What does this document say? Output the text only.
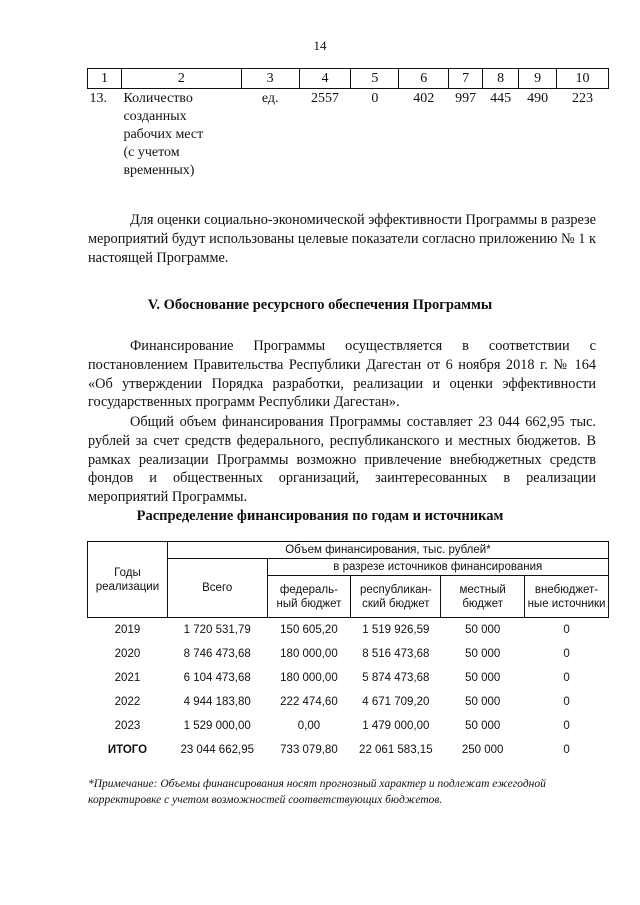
14
1	2	3	4	5	6	7	8	9	10
13.	Количество
созданных
рабочих мест
(с учетом
временных)	ед.	2557	0	402	997	445	490	223

Для оценки социально-экономической эффективности Программы в разрезе мероприятий будут использованы целевые показатели согласно приложению № 1 к настоящей Программе.

V. Обоснование ресурсного обеспечения Программы

Финансирование Программы осуществляется в соответствии с постановлением Правительства Республики Дагестан от 6 ноября 2018 г. № 164 «Об утверждении Порядка разработки, реализации и оценки эффективности государственных программ Республики Дагестан».

Общий объем финансирования Программы составляет 23 044 662,95 тыс. рублей за счет средств федерального, республиканского и местных бюджетов. В рамках реализации Программы возможно привлечение внебюджетных средств фондов и общественных организаций, заинтересованных в реализации мероприятий Программы.

Распределение финансирования по годам и источникам

Годы реализации	Объем финансирования, тыс. рублей*				
	Всего	в разрезе источников финансирования			
		федераль-ный бюджет	республикан-ский бюджет	местный бюджет	внебюджет-ные источники
2019	1 720 531,79	150 605,20	1 519 926,59	50 000	0
2020	8 746 473,68	180 000,00	8 516 473,68	50 000	0
2021	6 104 473,68	180 000,00	5 874 473,68	50 000	0
2022	4 944 183,80	222 474,60	4 671 709,20	50 000	0
2023	1 529 000,00	0,00	1 479 000,00	50 000	0
ИТОГО	23 044 662,95	733 079,80	22 061 583,15	250 000	0

*Примечание: Объемы финансирования носят прогнозный характер и подлежат ежегодной корректировке с учетом возможностей соответствующих бюджетов.
